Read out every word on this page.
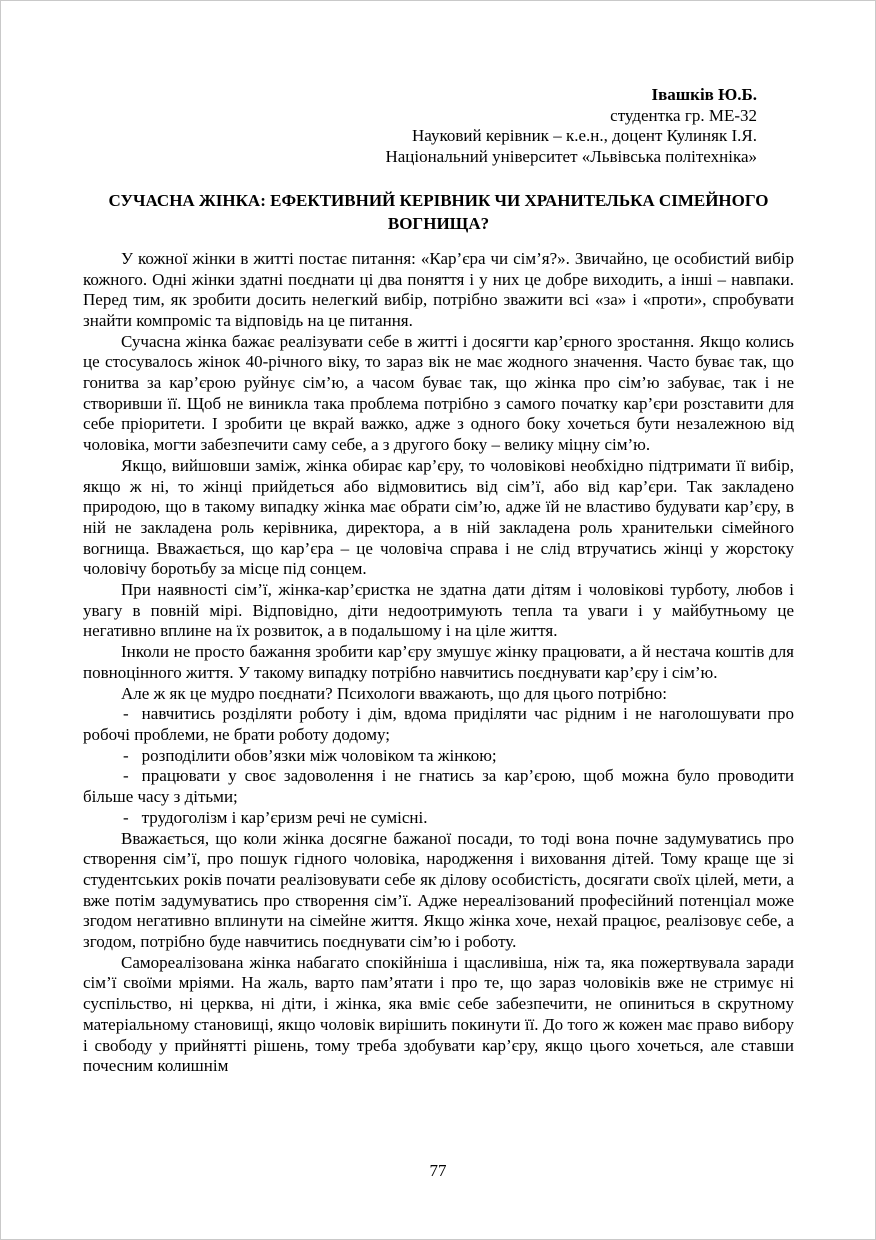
Івашків Ю.Б.
студентка гр. МЕ-32
Науковий керівник – к.е.н., доцент Кулиняк І.Я.
Національний університет «Львівська політехніка»
СУЧАСНА ЖІНКА: ЕФЕКТИВНИЙ КЕРІВНИК ЧИ ХРАНИТЕЛЬКА СІМЕЙНОГО ВОГНИЩА?

У кожної жінки в житті постає питання: «Кар’єра чи сім’я?». Звичайно, це особистий вибір кожного. Одні жінки здатні поєднати ці два поняття і у них це добре виходить, а інші – навпаки. Перед тим, як зробити досить нелегкий вибір, потрібно зважити всі «за» і «проти», спробувати знайти компроміс та відповідь на це питання.

Сучасна жінка бажає реалізувати себе в житті і досягти кар’єрного зростання. Якщо колись це стосувалось жінок 40-річного віку, то зараз вік не має жодного значення. Часто буває так, що гонитва за кар’єрою руйнує сім’ю, а часом буває так, що жінка про сім’ю забуває, так і не створивши її. Щоб не виникла така проблема потрібно з самого початку кар’єри розставити для себе пріоритети. І зробити це вкрай важко, адже з одного боку хочеться бути незалежною від чоловіка, могти забезпечити саму себе, а з другого боку – велику міцну сім’ю.

Якщо, вийшовши заміж, жінка обирає кар’єру, то чоловікові необхідно підтримати її вибір, якщо ж ні, то жінці прийдеться або відмовитись від сім’ї, або від кар’єри. Так закладено природою, що в такому випадку жінка має обрати сім’ю, адже їй не властиво будувати кар’єру, в ній не закладена роль керівника, директора, а в ній закладена роль хранительки сімейного вогнища. Вважається, що кар’єра – це чоловіча справа і не слід втручатись жінці у жорстоку чоловічу боротьбу за місце під сонцем.

При наявності сім’ї, жінка-кар’єристка не здатна дати дітям і чоловікові турботу, любов і увагу в повній мірі. Відповідно, діти недоотримують тепла та уваги і у майбутньому це негативно вплине на їх розвиток, а в подальшому і на ціле життя.

Інколи не просто бажання зробити кар’єру змушує жінку працювати, а й нестача коштів для повноцінного життя. У такому випадку потрібно навчитись поєднувати кар’єру і сім’ю.

Але ж як це мудро поєднати? Психологи вважають, що для цього потрібно:

- навчитись розділяти роботу і дім, вдома приділяти час рідним і не наголошувати про робочі проблеми, не брати роботу додому;

- розподілити обов’язки між чоловіком та жінкою;

- працювати у своє задоволення і не гнатись за кар’єрою, щоб можна було проводити більше часу з дітьми;

- трудоголізм і кар’єризм речі не сумісні.

Вважається, що коли жінка досягне бажаної посади, то тоді вона почне задумуватись про створення сім’ї, про пошук гідного чоловіка, народження і виховання дітей. Тому краще ще зі студентських років почати реалізовувати себе як ділову особистість, досягати своїх цілей, мети, а вже потім задумуватись про створення сім’ї. Адже нереалізований професійний потенціал може згодом негативно вплинути на сімейне життя. Якщо жінка хоче, нехай працює, реалізовує себе, а згодом, потрібно буде навчитись поєднувати сім’ю і роботу.

Самореалізована жінка набагато спокійніша і щасливіша, ніж та, яка пожертвувала заради сім’ї своїми мріями. На жаль, варто пам’ятати і про те, що зараз чоловіків вже не стримує ні суспільство, ні церква, ні діти, і жінка, яка вміє себе забезпечити, не опиниться в скрутному матеріальному становищі, якщо чоловік вирішить покинути її. До того ж кожен має право вибору і свободу у прийнятті рішень, тому треба здобувати кар’єру, якщо цього хочеться, але ставши почесним колишнім

77
